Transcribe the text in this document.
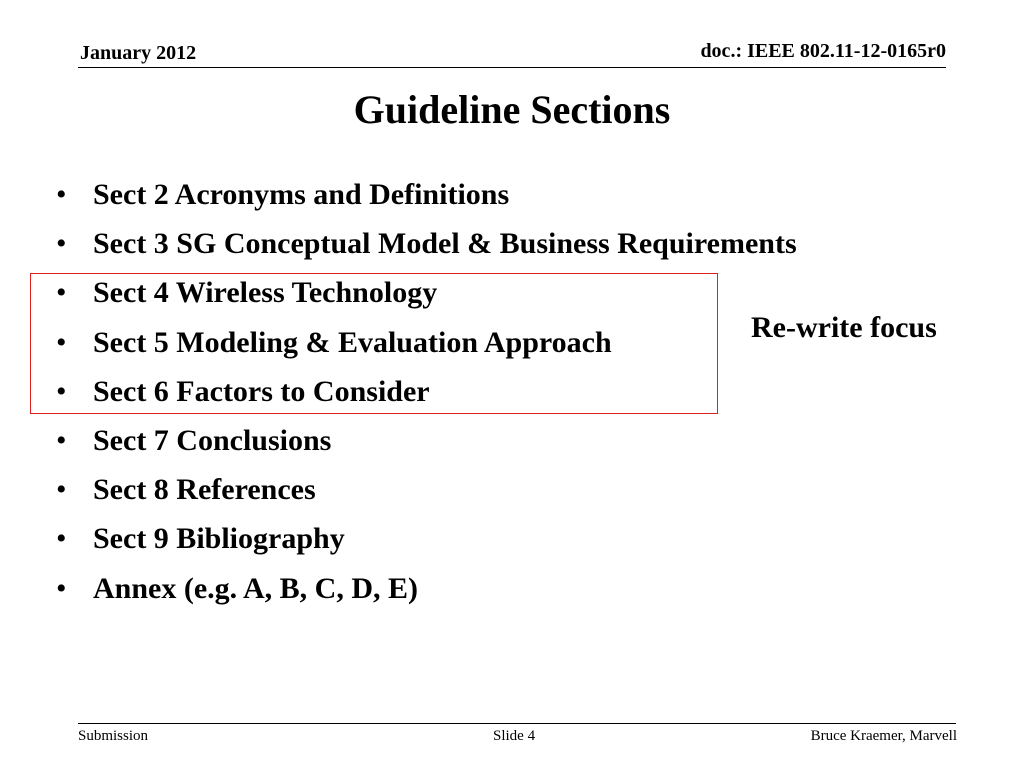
January 2012	doc.: IEEE 802.11-12-0165r0
Guideline Sections
• Sect 2 Acronyms and Definitions
• Sect 3 SG Conceptual Model & Business Requirements
• Sect 4 Wireless Technology
• Sect 5 Modeling & Evaluation Approach
• Sect 6 Factors to Consider
• Sect 7 Conclusions
• Sect 8 References
• Sect 9 Bibliography
• Annex (e.g. A, B, C, D, E)
Re-write focus
Submission	Slide 4	Bruce Kraemer, Marvell
